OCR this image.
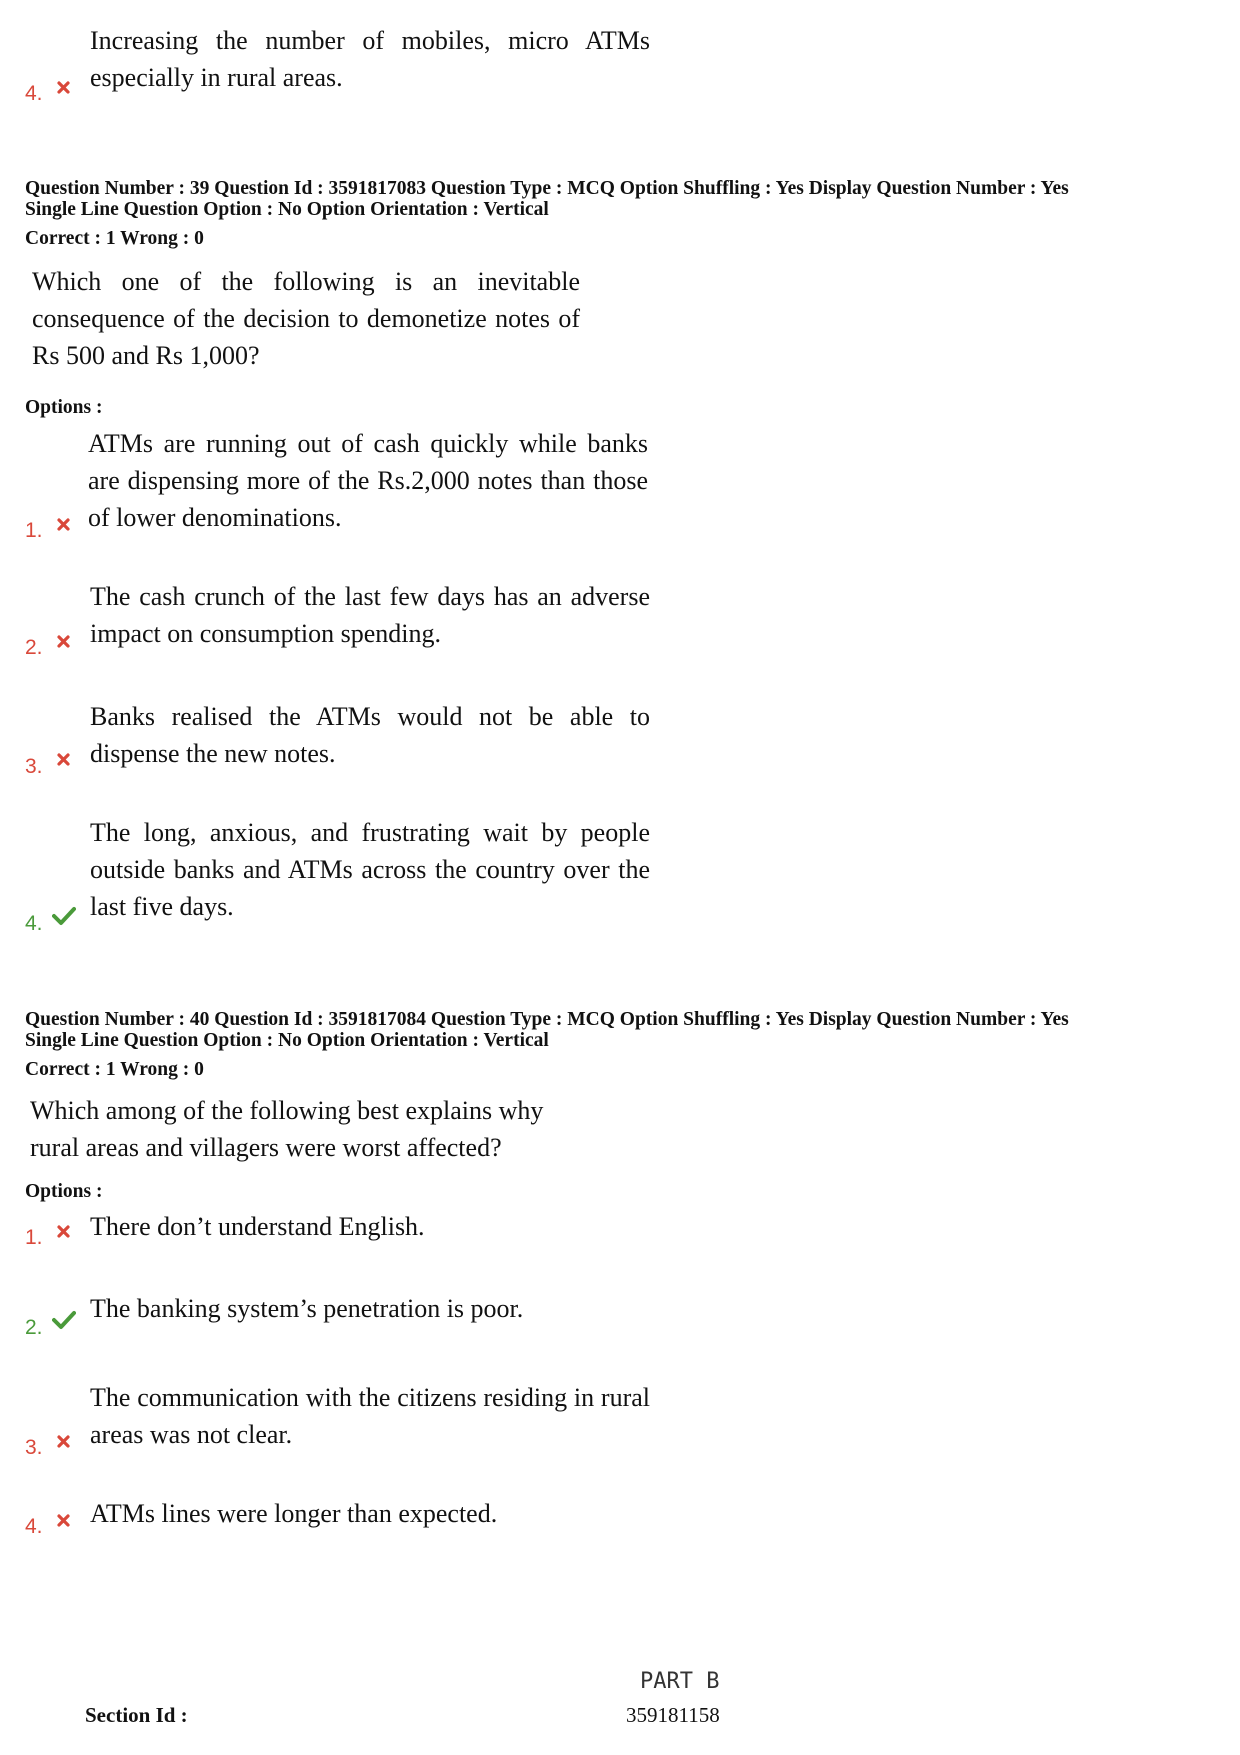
Increasing the number of mobiles, micro ATMs especially in rural areas.
4.
Question Number : 39 Question Id : 3591817083 Question Type : MCQ Option Shuffling : Yes Display Question Number : Yes
Single Line Question Option : No Option Orientation : Vertical
Correct : 1 Wrong : 0
Which one of the following is an inevitable consequence of the decision to demonetize notes of Rs 500 and Rs 1,000?
Options :
ATMs are running out of cash quickly while banks are dispensing more of the Rs.2,000 notes than those of lower denominations.
1.
The cash crunch of the last few days has an adverse impact on consumption spending.
2.
Banks realised the ATMs would not be able to dispense the new notes.
3.
The long, anxious, and frustrating wait by people outside banks and ATMs across the country over the last five days.
4.
Question Number : 40 Question Id : 3591817084 Question Type : MCQ Option Shuffling : Yes Display Question Number : Yes
Single Line Question Option : No Option Orientation : Vertical
Correct : 1 Wrong : 0
Which among of the following best explains why rural areas and villagers were worst affected?
Options :
There don’t understand English.
1.
The banking system’s penetration is poor.
2.
The communication with the citizens residing in rural areas was not clear.
3.
ATMs lines were longer than expected.
4.
PART B
Section Id :	359181158
